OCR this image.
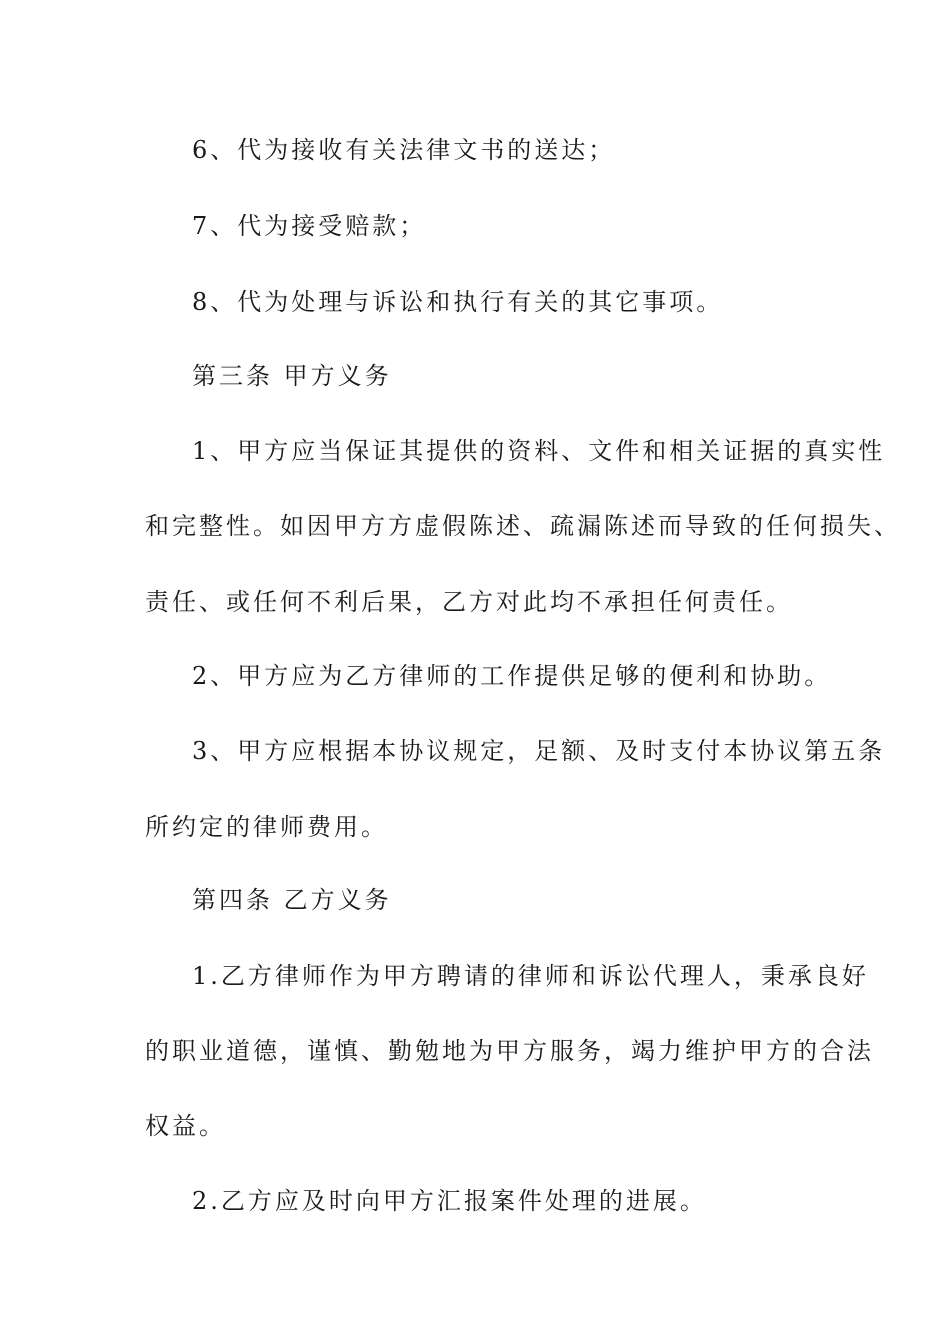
6、代为接收有关法律文书的送达；
7、代为接受赔款；
8、代为处理与诉讼和执行有关的其它事项。
第三条 甲方义务
1、甲方应当保证其提供的资料、文件和相关证据的真实性
和完整性。如因甲方方虚假陈述、疏漏陈述而导致的任何损失、
责任、或任何不利后果，乙方对此均不承担任何责任。
2、甲方应为乙方律师的工作提供足够的便利和协助。
3、甲方应根据本协议规定，足额、及时支付本协议第五条
所约定的律师费用。
第四条 乙方义务
1.乙方律师作为甲方聘请的律师和诉讼代理人，秉承良好
的职业道德，谨慎、勤勉地为甲方服务，竭力维护甲方的合法
权益。
2.乙方应及时向甲方汇报案件处理的进展。
